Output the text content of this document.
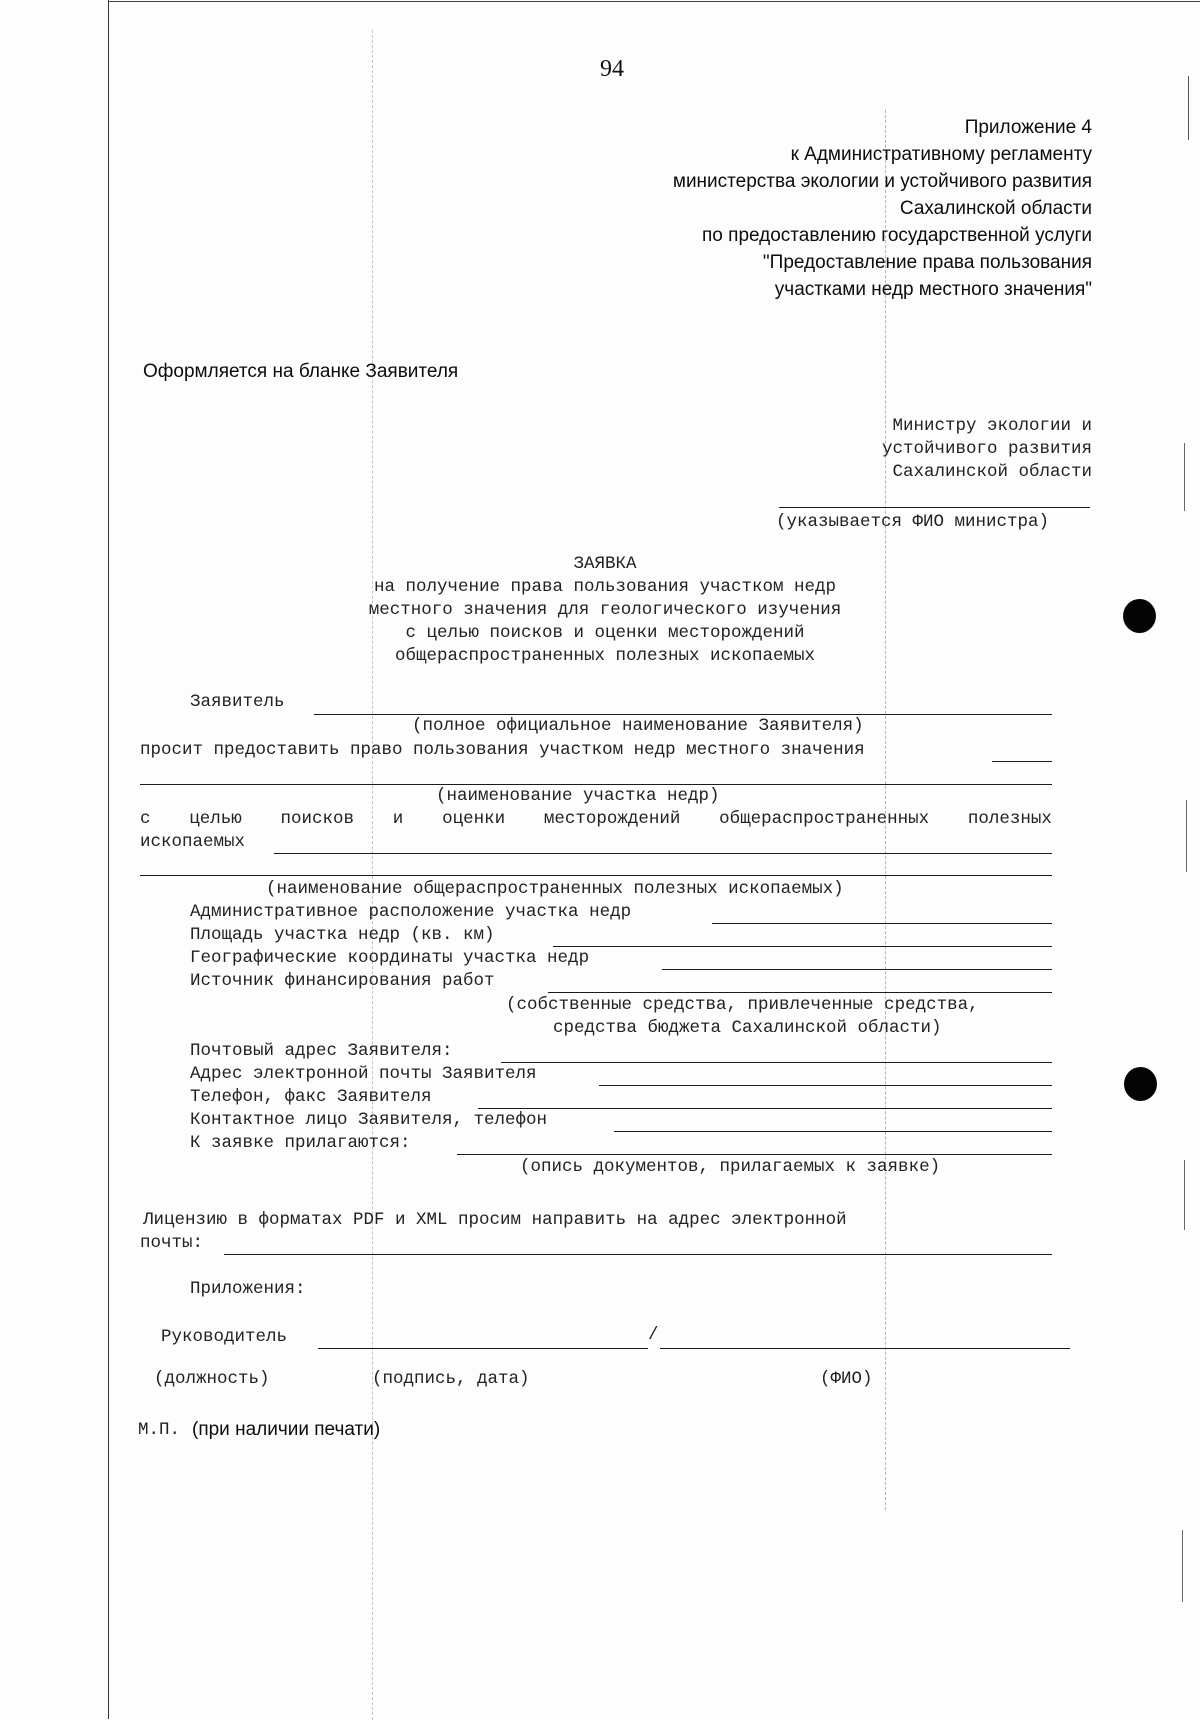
94
Приложение 4
к Административному регламенту
министерства экологии и устойчивого развития
Сахалинской области
по предоставлению государственной услуги
"Предоставление права пользования
участками недр местного значения"
Оформляется на бланке Заявителя
Министру экологии и
устойчивого развития
Сахалинской области
(указывается ФИО министра)
ЗАЯВКА
на получение права пользования участком недр
местного значения для геологического изучения
с целью поисков и оценки месторождений
общераспространенных полезных ископаемых
Заявитель
(полное официальное наименование Заявителя)
просит предоставить право пользования участком недр местного значения
(наименование участка недр)
с целью поисков и оценки месторождений общераспространенных полезных
ископаемых
(наименование общераспространенных полезных ископаемых)
Административное расположение участка недр
Площадь участка недр (кв. км)
Географические координаты участка недр
Источник финансирования работ
(собственные средства, привлеченные средства,
средства бюджета Сахалинской области)
Почтовый адрес Заявителя:
Адрес электронной почты Заявителя
Телефон, факс Заявителя
Контактное лицо Заявителя, телефон
К заявке прилагаются:
(опись документов, прилагаемых к заявке)
Лицензию в форматах PDF и XML просим направить на адрес электронной
почты:
Приложения:
Руководитель	/
(должность)	(подпись, дата)	(ФИО)
М.П. (при наличии печати)
